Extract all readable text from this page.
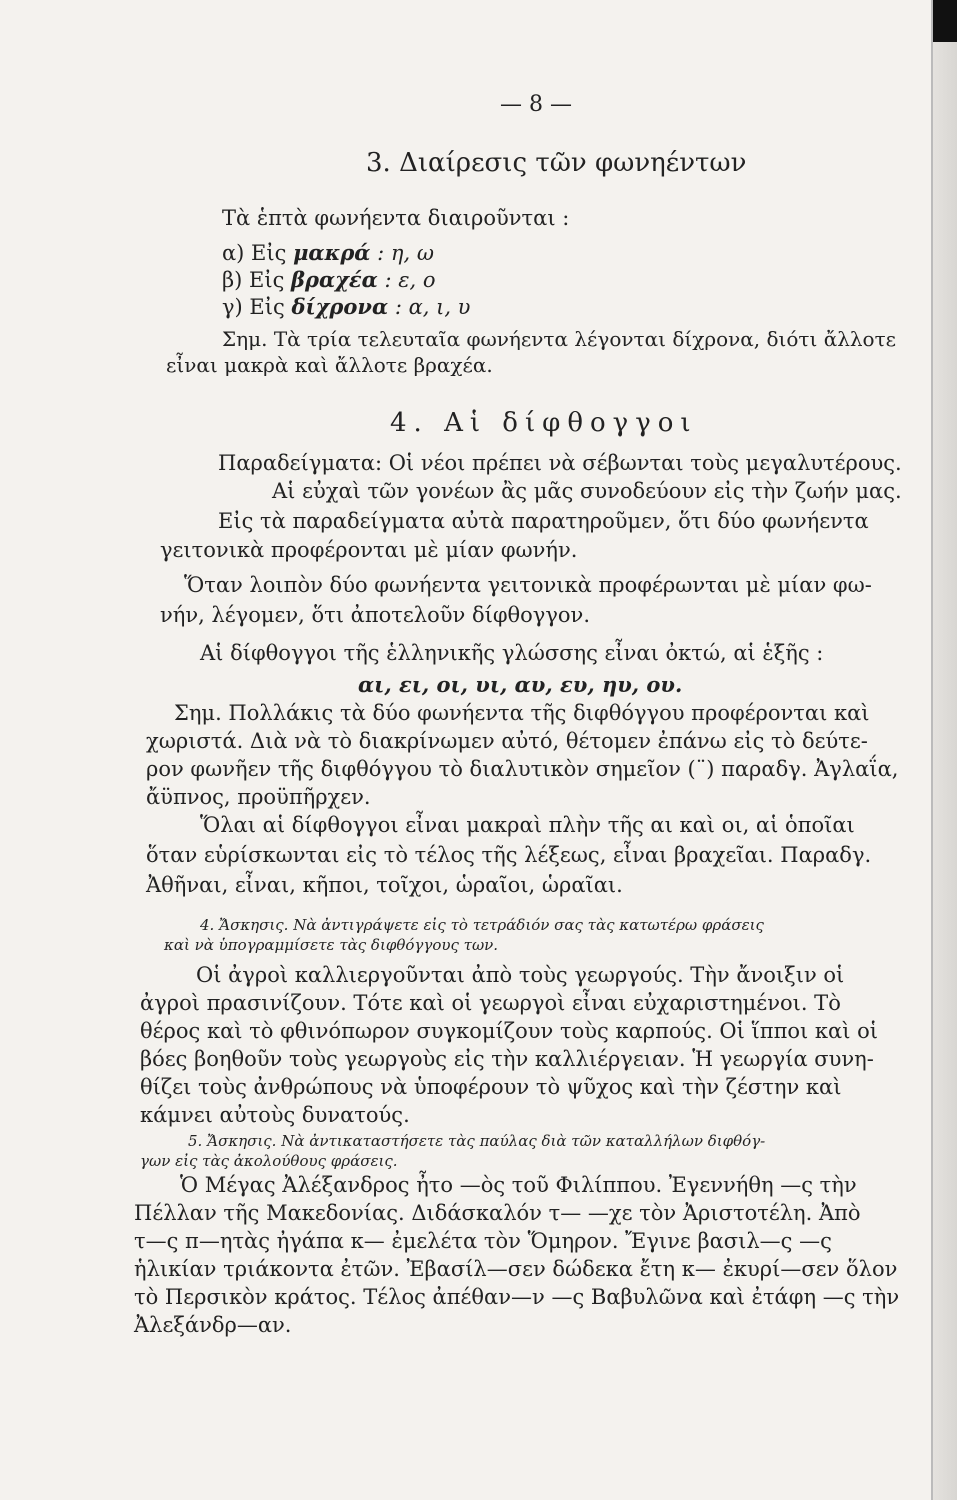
— 8 —
3. Διαίρεσις τῶν φωνηέντων
Τὰ ἑπτὰ φωνήεντα διαιροῦνται :
α) Εἰς μακρά : η, ω
β) Εἰς βραχέα : ε, ο
γ) Εἰς δίχρονα : α, ι, υ
Σημ. Τὰ τρία τελευταῖα φωνήεντα λέγονται δίχρονα, διότι ἄλλοτε
εἶναι μακρὰ καὶ ἄλλοτε βραχέα.
4. Αἱ δίφθογγοι
Παραδείγματα: Οἱ νέοι πρέπει νὰ σέβωνται τοὺς μεγαλυτέρους.
Αἱ εὐχαὶ τῶν γονέων ἂς μᾶς συνοδεύουν εἰς τὴν ζωήν μας.
Εἰς τὰ παραδείγματα αὐτὰ παρατηροῦμεν, ὅτι δύο φωνήεντα
γειτονικὰ προφέρονται μὲ μίαν φωνήν.
Ὅταν λοιπὸν δύο φωνήεντα γειτονικὰ προφέρωνται μὲ μίαν φω-
νήν, λέγομεν, ὅτι ἀποτελοῦν δίφθογγον.
Αἱ δίφθογγοι τῆς ἑλληνικῆς γλώσσης εἶναι ὀκτώ, αἱ ἑξῆς :
αι, ει, οι, υι, αυ, ευ, ηυ, ου.
Σημ. Πολλάκις τὰ δύο φωνήεντα τῆς διφθόγγου προφέρονται καὶ
χωριστά. Διὰ νὰ τὸ διακρίνωμεν αὐτό, θέτομεν ἐπάνω εἰς τὸ δεύτε-
ρον φωνῆεν τῆς διφθόγγου τὸ διαλυτικὸν σημεῖον (¨) παραδγ. Ἀγλαΐα,
ἄϋπνος, προϋπῆρχεν.
Ὅλαι αἱ δίφθογγοι εἶναι μακραὶ πλὴν τῆς αι καὶ οι, αἱ ὁποῖαι
ὅταν εὑρίσκωνται εἰς τὸ τέλος τῆς λέξεως, εἶναι βραχεῖαι. Παραδγ.
Ἀθῆναι, εἶναι, κῆποι, τοῖχοι, ὡραῖοι, ὡραῖαι.
4. Ἄσκησις. Νὰ ἀντιγράψετε εἰς τὸ τετράδιόν σας τὰς κατωτέρω φράσεις
καὶ νὰ ὑπογραμμίσετε τὰς διφθόγγους των.
Οἱ ἀγροὶ καλλιεργοῦνται ἀπὸ τοὺς γεωργούς. Τὴν ἄνοιξιν οἱ
ἀγροὶ πρασινίζουν. Τότε καὶ οἱ γεωργοὶ εἶναι εὐχαριστημένοι. Τὸ
θέρος καὶ τὸ φθινόπωρον συγκομίζουν τοὺς καρπούς. Οἱ ἵπποι καὶ οἱ
βόες βοηθοῦν τοὺς γεωργοὺς εἰς τὴν καλλιέργειαν. Ἡ γεωργία συνη-
θίζει τοὺς ἀνθρώπους νὰ ὑποφέρουν τὸ ψῦχος καὶ τὴν ζέστην καὶ
κάμνει αὐτοὺς δυνατούς.
5. Ἄσκησις. Νὰ ἀντικαταστήσετε τὰς παύλας διὰ τῶν καταλλήλων διφθόγ-
γων εἰς τὰς ἀκολούθους φράσεις.
Ὁ Μέγας Ἀλέξανδρος ἦτο —ὸς τοῦ Φιλίππου. Ἐγεννήθη —ς τὴν
Πέλλαν τῆς Μακεδονίας. Διδάσκαλόν τ— —χε τὸν Ἀριστοτέλη. Ἀπὸ
τ—ς π—ητὰς ἠγάπα κ— ἐμελέτα τὸν Ὅμηρον. Ἔγινε βασιλ—ς —ς
ἡλικίαν τριάκοντα ἐτῶν. Ἐβασίλ—σεν δώδεκα ἔτη κ— ἐκυρί—σεν ὅλον
τὸ Περσικὸν κράτος. Τέλος ἀπέθαν—ν —ς Βαβυλῶνα καὶ ἐτάφη —ς τὴν
Ἀλεξάνδρ—αν.
